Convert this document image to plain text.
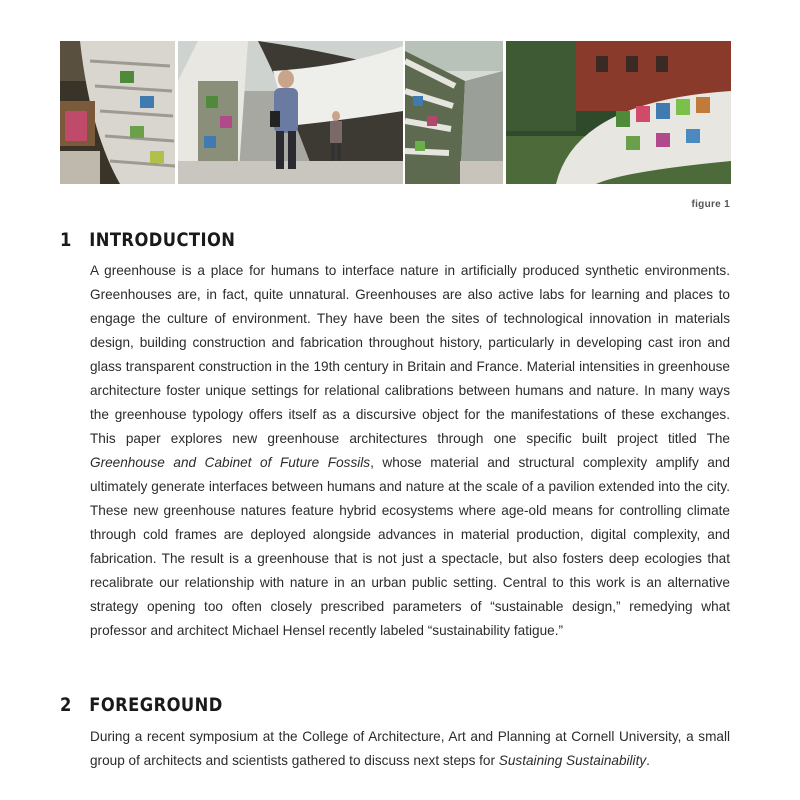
figure 1
1 INTRODUCTION
A greenhouse is a place for humans to interface nature in artificially produced synthetic environments. Greenhouses are, in fact, quite unnatural. Greenhouses are also active labs for learning and places to engage the culture of environment. They have been the sites of technological innovation in materials design, building construction and fabrication throughout history, particularly in developing cast iron and glass transparent construction in the 19th century in Britain and France. Material intensities in greenhouse architecture foster unique settings for relational calibrations between humans and nature. In many ways the greenhouse typology offers itself as a discursive object for the manifestations of these exchanges. This paper explores new greenhouse architectures through one specific built project titled The Greenhouse and Cabinet of Future Fossils, whose material and structural complexity amplify and ultimately generate interfaces between humans and nature at the scale of a pavilion extended into the city. These new greenhouse natures feature hybrid ecosystems where age-old means for controlling climate through cold frames are deployed alongside advances in material production, digital complexity, and fabrication. The result is a greenhouse that is not just a spectacle, but also fosters deep ecologies that recalibrate our relationship with nature in an urban public setting. Central to this work is an alternative strategy opening too often closely prescribed parameters of “sustainable design,” remedying what professor and architect Michael Hensel recently labeled “sustainability fatigue.”
2 FOREGROUND
During a recent symposium at the College of Architecture, Art and Planning at Cornell University, a small group of architects and scientists gathered to discuss next steps for Sustaining Sustainability.
